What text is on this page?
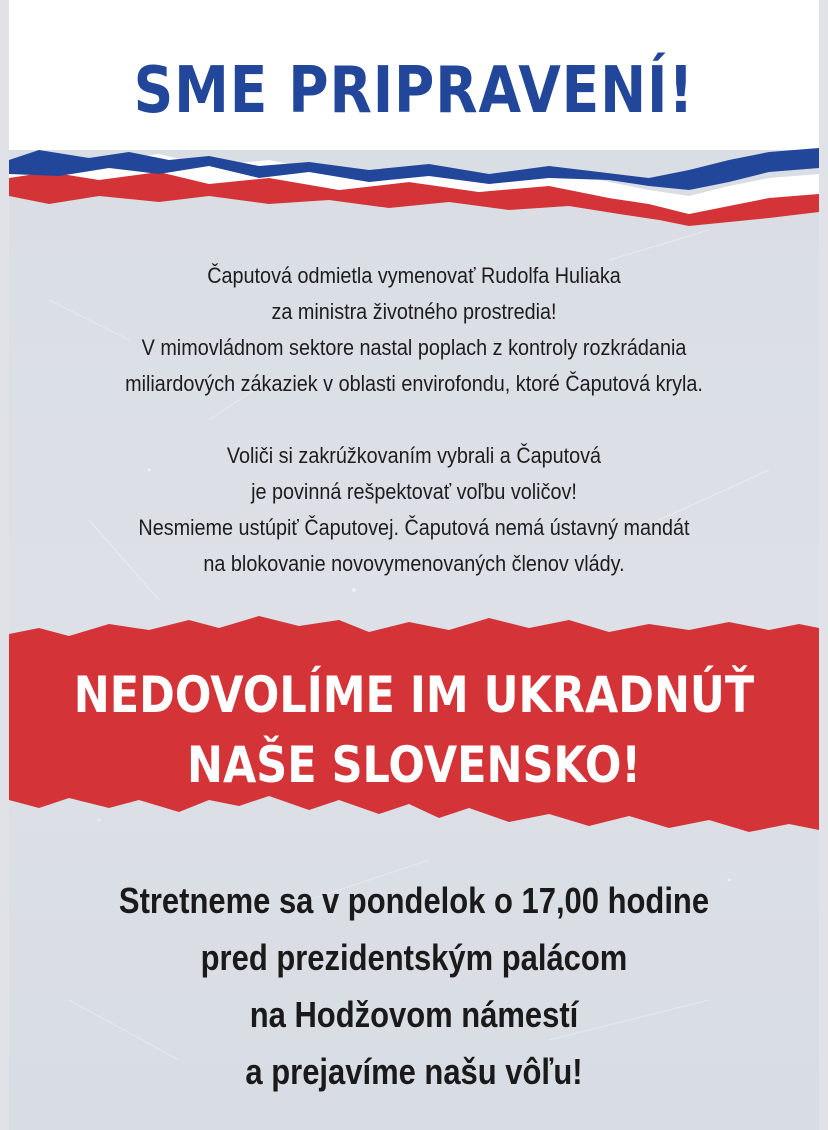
SME PRIPRAVENÍ!
Čaputová odmietla vymenovať Rudolfa Huliaka
za ministra životného prostredia!
V mimovládnom sektore nastal poplach z kontroly rozkrádania
miliardových zákaziek v oblasti envirofondu, ktoré Čaputová kryla.
Voliči si zakrúžkovaním vybrali a Čaputová
je povinná rešpektovať voľbu voličov!
Nesmieme ustúpiť Čaputovej. Čaputová nemá ústavný mandát
na blokovanie novovymenovaných členov vlády.
NEDOVOLÍME IM UKRADNÚŤ
NAŠE SLOVENSKO!
Stretneme sa v pondelok o 17,00 hodine
pred prezidentským palácom
na Hodžovom námestí
a prejavíme našu vôľu!
